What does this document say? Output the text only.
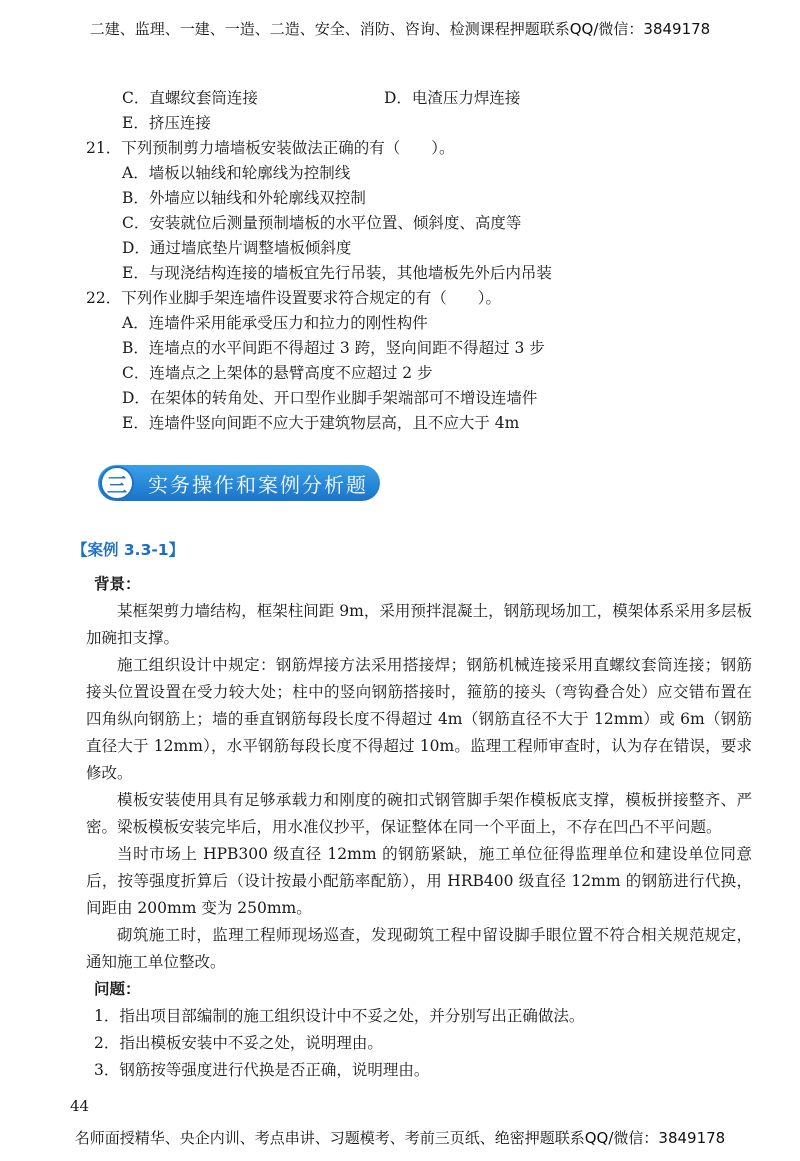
二建、监理、一建、一造、二造、安全、消防、咨询、检测课程押题联系QQ/微信：3849178
C．直螺纹套筒连接	D．电渣压力焊连接
E．挤压连接
21．下列预制剪力墙墙板安装做法正确的有（　　）。
A．墙板以轴线和轮廓线为控制线
B．外墙应以轴线和外轮廓线双控制
C．安装就位后测量预制墙板的水平位置、倾斜度、高度等
D．通过墙底垫片调整墙板倾斜度
E．与现浇结构连接的墙板宜先行吊装，其他墙板先外后内吊装
22．下列作业脚手架连墙件设置要求符合规定的有（　　）。
A．连墙件采用能承受压力和拉力的刚性构件
B．连墙点的水平间距不得超过 3 跨，竖向间距不得超过 3 步
C．连墙点之上架体的悬臂高度不应超过 2 步
D．在架体的转角处、开口型作业脚手架端部可不增设连墙件
E．连墙件竖向间距不应大于建筑物层高，且不应大于 4m
三	实务操作和案例分析题
【案例 3.3-1】
背景：
某框架剪力墙结构，框架柱间距 9m，采用预拌混凝土，钢筋现场加工，模架体系采用多层板加碗扣支撑。
施工组织设计中规定：钢筋焊接方法采用搭接焊；钢筋机械连接采用直螺纹套筒连接；钢筋接头位置设置在受力较大处；柱中的竖向钢筋搭接时，箍筋的接头（弯钩叠合处）应交错布置在四角纵向钢筋上；墙的垂直钢筋每段长度不得超过 4m（钢筋直径不大于 12mm）或 6m（钢筋直径大于 12mm），水平钢筋每段长度不得超过 10m。监理工程师审查时，认为存在错误，要求修改。
模板安装使用具有足够承载力和刚度的碗扣式钢管脚手架作模板底支撑，模板拼接整齐、严密。梁板模板安装完毕后，用水准仪抄平，保证整体在同一个平面上，不存在凹凸不平问题。
当时市场上 HPB300 级直径 12mm 的钢筋紧缺，施工单位征得监理单位和建设单位同意后，按等强度折算后（设计按最小配筋率配筋），用 HRB400 级直径 12mm 的钢筋进行代换，间距由 200mm 变为 250mm。
砌筑施工时，监理工程师现场巡查，发现砌筑工程中留设脚手眼位置不符合相关规范规定，通知施工单位整改。
问题：
1．指出项目部编制的施工组织设计中不妥之处，并分别写出正确做法。
2．指出模板安装中不妥之处，说明理由。
3．钢筋按等强度进行代换是否正确，说明理由。
44
名师面授精华、央企内训、考点串讲、习题模考、考前三页纸、绝密押题联系QQ/微信：3849178
